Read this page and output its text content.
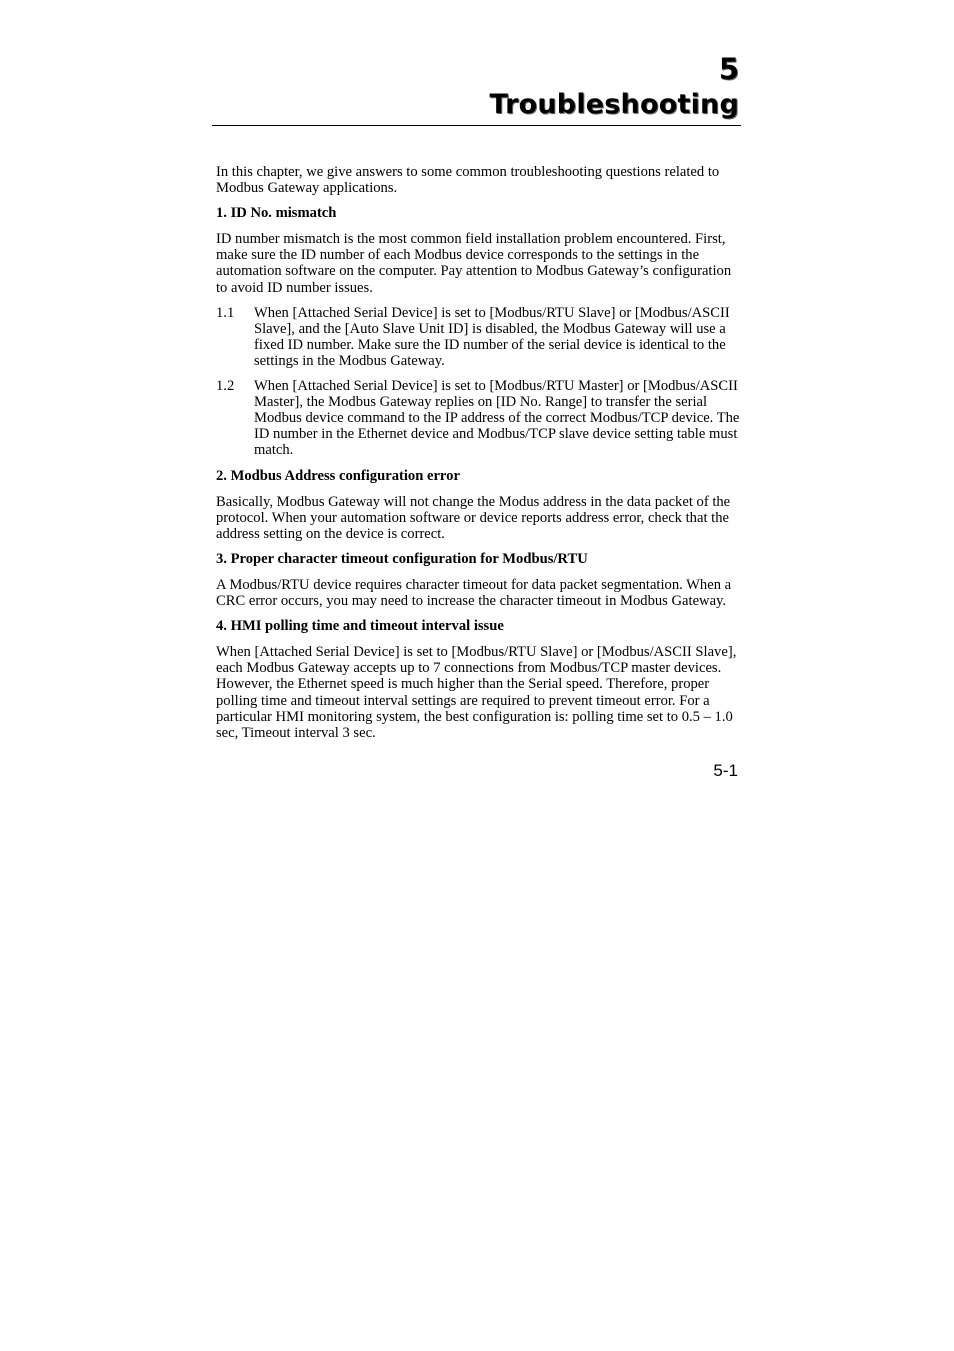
5
Troubleshooting

In this chapter, we give answers to some common troubleshooting questions related to Modbus Gateway applications.

1. ID No. mismatch

ID number mismatch is the most common field installation problem encountered. First, make sure the ID number of each Modbus device corresponds to the settings in the automation software on the computer. Pay attention to Modbus Gateway’s configuration to avoid ID number issues.

1.1	When [Attached Serial Device] is set to [Modbus/RTU Slave] or [Modbus/ASCII Slave], and the [Auto Slave Unit ID] is disabled, the Modbus Gateway will use a fixed ID number. Make sure the ID number of the serial device is identical to the settings in the Modbus Gateway.
1.2	When [Attached Serial Device] is set to [Modbus/RTU Master] or [Modbus/ASCII Master], the Modbus Gateway replies on [ID No. Range] to transfer the serial Modbus device command to the IP address of the correct Modbus/TCP device. The ID number in the Ethernet device and Modbus/TCP slave device setting table must match.
2. Modbus Address configuration error

Basically, Modbus Gateway will not change the Modus address in the data packet of the protocol. When your automation software or device reports address error, check that the address setting on the device is correct.

3. Proper character timeout configuration for Modbus/RTU

A Modbus/RTU device requires character timeout for data packet segmentation. When a CRC error occurs, you may need to increase the character timeout in Modbus Gateway.

4. HMI polling time and timeout interval issue

When [Attached Serial Device] is set to [Modbus/RTU Slave] or [Modbus/ASCII Slave], each Modbus Gateway accepts up to 7 connections from Modbus/TCP master devices. However, the Ethernet speed is much higher than the Serial speed. Therefore, proper polling time and timeout interval settings are required to prevent timeout error. For a particular HMI monitoring system, the best configuration is: polling time set to 0.5 – 1.0 sec, Timeout interval 3 sec.

5-1
